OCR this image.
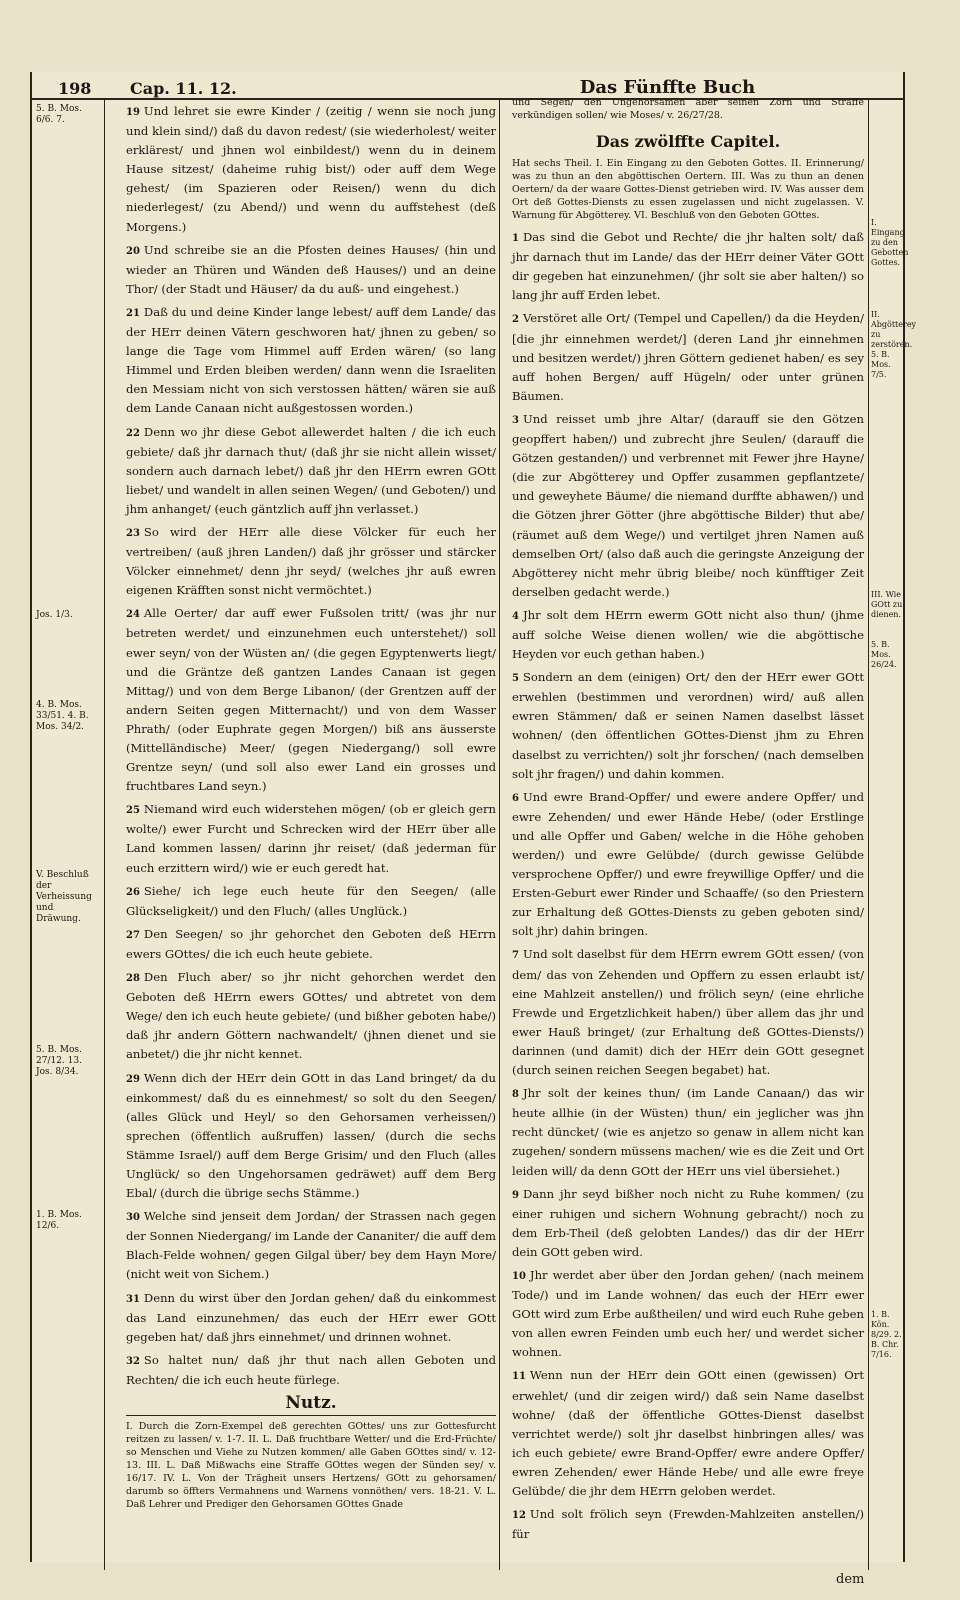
198	Cap. 11. 12.	Das Fünffte Buch
5. B. Mos. 6/6. 7.
Jos. 1/3.
4. B. Mos. 33/51. 4. B. Mos. 34/2.
V. Beschluß der Verheissung und Dräwung.
5. B. Mos. 27/12. 13. Jos. 8/34.
1. B. Mos. 12/6.
I. Eingang zu den Gebotten Gottes.
II. Abgötterey zu zerstören. 5. B. Mos. 7/5.
III. Wie GOtt zu dienen.
5. B. Mos. 26/24.
1. B. Kön. 8/29. 2. B. Chr. 7/16.
19 Und lehret sie ewre Kinder / (zeitig / wenn sie noch jung und klein sind/) daß du davon redest/ (sie wiederholest/ weiter erklärest/ und jhnen wol einbildest/) wenn du in deinem Hause sitzest/ (daheime ruhig bist/) oder auff dem Wege gehest/ (im Spazieren oder Reisen/) wenn du dich niederlegest/ (zu Abend/) und wenn du auffstehest (deß Morgens.)
20 Und schreibe sie an die Pfosten deines Hauses/ (hin und wieder an Thüren und Wänden deß Hauses/) und an deine Thor/ (der Stadt und Häuser/ da du auß- und eingehest.)
21 Daß du und deine Kinder lange lebest/ auff dem Lande/ das der HErr deinen Vätern geschworen hat/ jhnen zu geben/ so lange die Tage vom Himmel auff Erden wären/ (so lang Himmel und Erden bleiben werden/ dann wenn die Israeliten den Messiam nicht von sich verstossen hätten/ wären sie auß dem Lande Canaan nicht außgestossen worden.)
22 Denn wo jhr diese Gebot allewerdet halten / die ich euch gebiete/ daß jhr darnach thut/ (daß jhr sie nicht allein wisset/ sondern auch darnach lebet/) daß jhr den HErrn ewren GOtt liebet/ und wandelt in allen seinen Wegen/ (und Geboten/) und jhm anhanget/ (euch gäntzlich auff jhn verlasset.)
23 So wird der HErr alle diese Völcker für euch her vertreiben/ (auß jhren Landen/) daß jhr grösser und stärcker Völcker einnehmet/ denn jhr seyd/ (welches jhr auß ewren eigenen Kräfften sonst nicht vermöchtet.)
24 Alle Oerter/ dar auff ewer Fußsolen tritt/ (was jhr nur betreten werdet/ und einzunehmen euch unterstehet/) soll ewer seyn/ von der Wüsten an/ (die gegen Egyptenwerts liegt/ und die Gräntze deß gantzen Landes Canaan ist gegen Mittag/) und von dem Berge Libanon/ (der Grentzen auff der andern Seiten gegen Mitternacht/) und von dem Wasser Phrath/ (oder Euphrate gegen Morgen/) biß ans äusserste (Mittelländische) Meer/ (gegen Niedergang/) soll ewre Grentze seyn/ (und soll also ewer Land ein grosses und fruchtbares Land seyn.)
25 Niemand wird euch widerstehen mögen/ (ob er gleich gern wolte/) ewer Furcht und Schrecken wird der HErr über alle Land kommen lassen/ darinn jhr reiset/ (daß jederman für euch erzittern wird/) wie er euch geredt hat.
26 Siehe/ ich lege euch heute für den Seegen/ (alle Glückseligkeit/) und den Fluch/ (alles Unglück.)
27 Den Seegen/ so jhr gehorchet den Geboten deß HErrn ewers GOttes/ die ich euch heute gebiete.
28 Den Fluch aber/ so jhr nicht gehorchen werdet den Geboten deß HErrn ewers GOttes/ und abtretet von dem Wege/ den ich euch heute gebiete/ (und bißher geboten habe/) daß jhr andern Göttern nachwandelt/ (jhnen dienet und sie anbetet/) die jhr nicht kennet.
29 Wenn dich der HErr dein GOtt in das Land bringet/ da du einkommest/ daß du es einnehmest/ so solt du den Seegen/ (alles Glück und Heyl/ so den Gehorsamen verheissen/) sprechen (öffentlich außruffen) lassen/ (durch die sechs Stämme Israel/) auff dem Berge Grisim/ und den Fluch (alles Unglück/ so den Ungehorsamen gedräwet) auff dem Berg Ebal/ (durch die übrige sechs Stämme.)
30 Welche sind jenseit dem Jordan/ der Strassen nach gegen der Sonnen Niedergang/ im Lande der Cananiter/ die auff dem Blach-Felde wohnen/ gegen Gilgal über/ bey dem Hayn More/ (nicht weit von Sichem.)
31 Denn du wirst über den Jordan gehen/ daß du einkommest das Land einzunehmen/ das euch der HErr ewer GOtt gegeben hat/ daß jhrs einnehmet/ und drinnen wohnet.
32 So haltet nun/ daß jhr thut nach allen Geboten und Rechten/ die ich euch heute fürlege.
Nutz.
I. Durch die Zorn-Exempel deß gerechten GOttes/ uns zur Gottesfurcht reitzen zu lassen/ v. 1-7. II. L. Daß fruchtbare Wetter/ und die Erd-Früchte/ so Menschen und Viehe zu Nutzen kommen/ alle Gaben GOttes sind/ v. 12-13. III. L. Daß Mißwachs eine Straffe GOttes wegen der Sünden sey/ v. 16/17. IV. L. Von der Trägheit unsers Hertzens/ GOtt zu gehorsamen/ darumb so öffters Vermahnens und Warnens vonnöthen/ vers. 18-21. V. L. Daß Lehrer und Prediger den Gehorsamen GOttes Gnade
und Segen/ den Ungehorsamen aber seinen Zorn und Straffe verkündigen sollen/ wie Moses/ v. 26/27/28.
Das zwölffte Capitel.
Hat sechs Theil. I. Ein Eingang zu den Geboten Gottes. II. Erinnerung/ was zu thun an den abgöttischen Oertern. III. Was zu thun an denen Oertern/ da der waare Gottes-Dienst getrieben wird. IV. Was ausser dem Ort deß Gottes-Diensts zu essen zugelassen und nicht zugelassen. V. Warnung für Abgötterey. VI. Beschluß von den Geboten GOttes.
1 Das sind die Gebot und Rechte/ die jhr halten solt/ daß jhr darnach thut im Lande/ das der HErr deiner Väter GOtt dir gegeben hat einzunehmen/ (jhr solt sie aber halten/) so lang jhr auff Erden lebet.
2 Verstöret alle Ort/ (Tempel und Capellen/) da die Heyden/ [die jhr einnehmen werdet/] (deren Land jhr einnehmen und besitzen werdet/) jhren Göttern gedienet haben/ es sey auff hohen Bergen/ auff Hügeln/ oder unter grünen Bäumen.
3 Und reisset umb jhre Altar/ (darauff sie den Götzen geopffert haben/) und zubrecht jhre Seulen/ (darauff die Götzen gestanden/) und verbrennet mit Fewer jhre Hayne/ (die zur Abgötterey und Opffer zusammen gepflantzete/ und geweyhete Bäume/ die niemand durffte abhawen/) und die Götzen jhrer Götter (jhre abgöttische Bilder) thut abe/ (räumet auß dem Wege/) und vertilget jhren Namen auß demselben Ort/ (also daß auch die geringste Anzeigung der Abgötterey nicht mehr übrig bleibe/ noch künfftiger Zeit derselben gedacht werde.)
4 Jhr solt dem HErrn ewerm GOtt nicht also thun/ (jhme auff solche Weise dienen wollen/ wie die abgöttische Heyden vor euch gethan haben.)
5 Sondern an dem (einigen) Ort/ den der HErr ewer GOtt erwehlen (bestimmen und verordnen) wird/ auß allen ewren Stämmen/ daß er seinen Namen daselbst lässet wohnen/ (den öffentlichen GOttes-Dienst jhm zu Ehren daselbst zu verrichten/) solt jhr forschen/ (nach demselben solt jhr fragen/) und dahin kommen.
6 Und ewre Brand-Opffer/ und ewere andere Opffer/ und ewre Zehenden/ und ewer Hände Hebe/ (oder Erstlinge und alle Opffer und Gaben/ welche in die Höhe gehoben werden/) und ewre Gelübde/ (durch gewisse Gelübde versprochene Opffer/) und ewre freywillige Opffer/ und die Ersten-Geburt ewer Rinder und Schaaffe/ (so den Priestern zur Erhaltung deß GOttes-Diensts zu geben geboten sind/ solt jhr) dahin bringen.
7 Und solt daselbst für dem HErrn ewrem GOtt essen/ (von dem/ das von Zehenden und Opffern zu essen erlaubt ist/ eine Mahlzeit anstellen/) und frölich seyn/ (eine ehrliche Frewde und Ergetzlichkeit haben/) über allem das jhr und ewer Hauß bringet/ (zur Erhaltung deß GOttes-Diensts/) darinnen (und damit) dich der HErr dein GOtt gesegnet (durch seinen reichen Seegen begabet) hat.
8 Jhr solt der keines thun/ (im Lande Canaan/) das wir heute allhie (in der Wüsten) thun/ ein jeglicher was jhn recht düncket/ (wie es anjetzo so genaw in allem nicht kan zugehen/ sondern müssens machen/ wie es die Zeit und Ort leiden will/ da denn GOtt der HErr uns viel übersiehet.)
9 Dann jhr seyd bißher noch nicht zu Ruhe kommen/ (zu einer ruhigen und sichern Wohnung gebracht/) noch zu dem Erb-Theil (deß gelobten Landes/) das dir der HErr dein GOtt geben wird.
10 Jhr werdet aber über den Jordan gehen/ (nach meinem Tode/) und im Lande wohnen/ das euch der HErr ewer GOtt wird zum Erbe außtheilen/ und wird euch Ruhe geben von allen ewren Feinden umb euch her/ und werdet sicher wohnen.
11 Wenn nun der HErr dein GOtt einen (gewissen) Ort erwehlet/ (und dir zeigen wird/) daß sein Name daselbst wohne/ (daß der öffentliche GOttes-Dienst daselbst verrichtet werde/) solt jhr daselbst hinbringen alles/ was ich euch gebiete/ ewre Brand-Opffer/ ewre andere Opffer/ ewren Zehenden/ ewer Hände Hebe/ und alle ewre freye Gelübde/ die jhr dem HErrn geloben werdet.
12 Und solt frölich seyn (Frewden-Mahlzeiten anstellen/) für
dem
